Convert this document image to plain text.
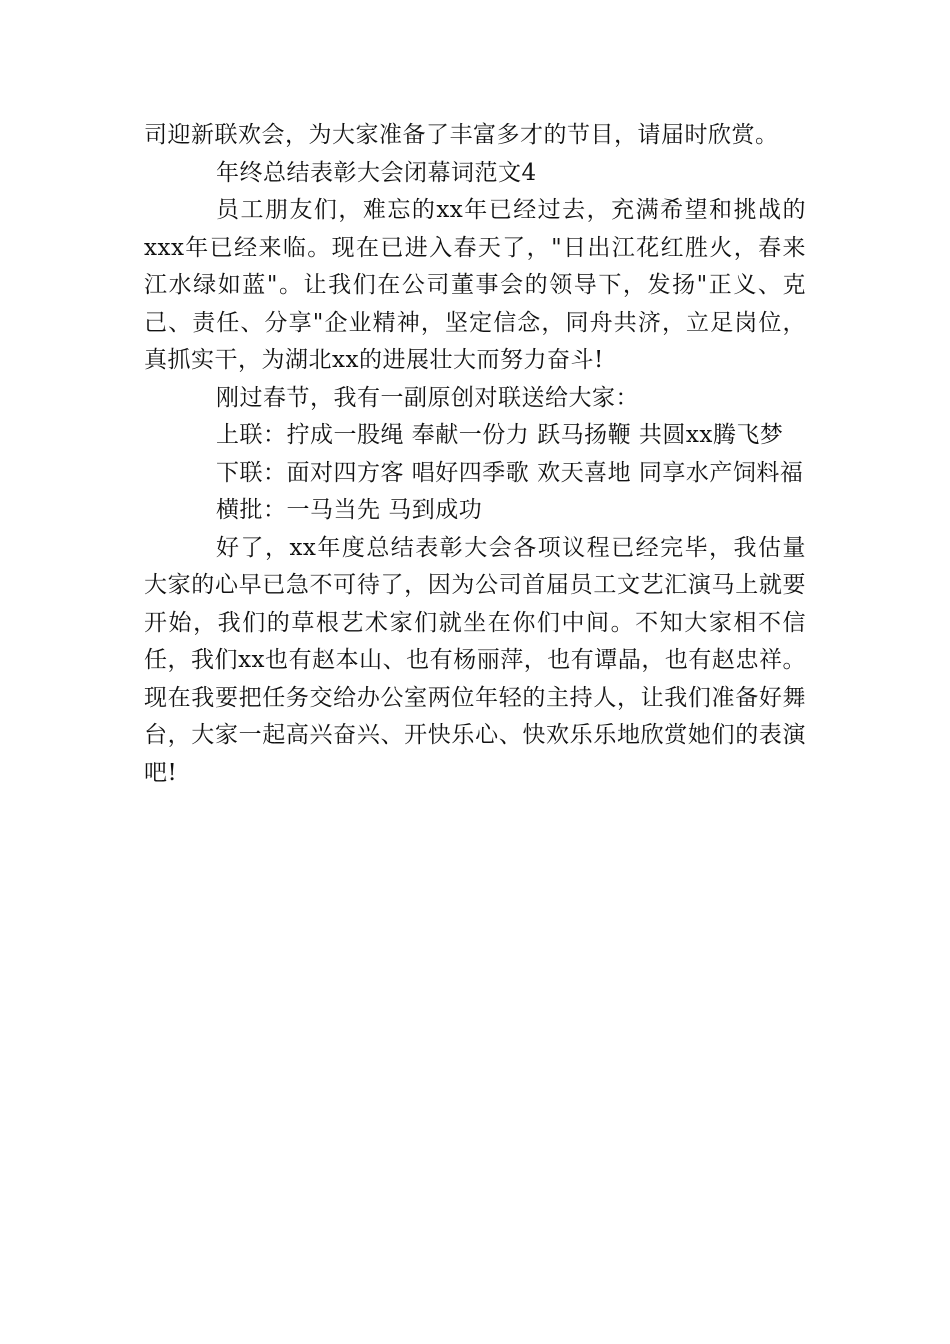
司迎新联欢会，为大家准备了丰富多才的节目，请届时欣赏。

年终总结表彰大会闭幕词范文4

员工朋友们，难忘的xx年已经过去，充满希望和挑战的xxx年已经来临。现在已进入春天了，"日出江花红胜火，春来江水绿如蓝"。让我们在公司董事会的领导下，发扬"正义、克己、责任、分享"企业精神，坚定信念，同舟共济，立足岗位，真抓实干，为湖北xx的进展壮大而努力奋斗!

刚过春节，我有一副原创对联送给大家：

上联：拧成一股绳 奉献一份力 跃马扬鞭 共圆xx腾飞梦

下联：面对四方客 唱好四季歌 欢天喜地 同享水产饲料福

横批：一马当先 马到成功

好了，xx年度总结表彰大会各项议程已经完毕，我估量大家的心早已急不可待了，因为公司首届员工文艺汇演马上就要开始，我们的草根艺术家们就坐在你们中间。不知大家相不信任，我们xx也有赵本山、也有杨丽萍，也有谭晶，也有赵忠祥。现在我要把任务交给办公室两位年轻的主持人，让我们准备好舞台，大家一起高兴奋兴、开快乐心、快欢乐乐地欣赏她们的表演吧!
